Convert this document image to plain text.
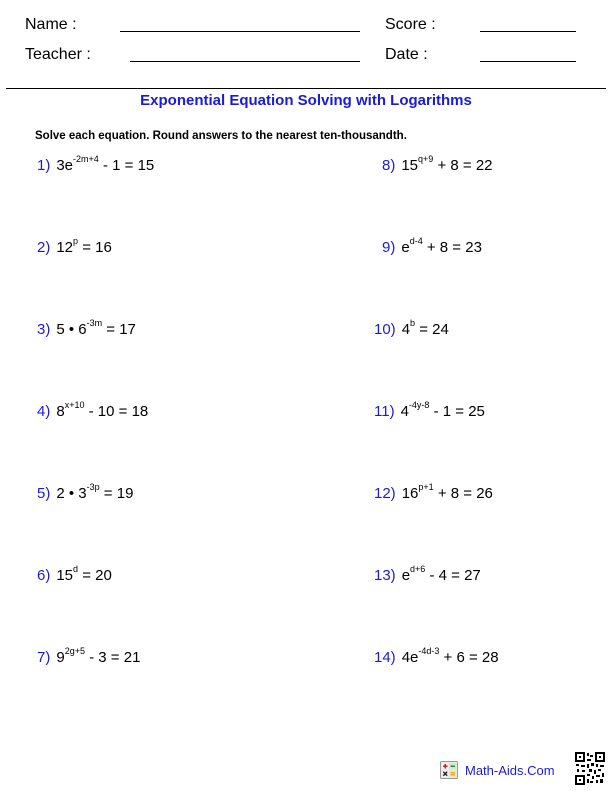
Name :	Score :
Teacher :	Date :
Exponential Equation Solving with Logarithms
Solve each equation. Round answers to the nearest ten-thousandth.
1) $3e^{-2m+4} - 1 = 15$
2) $12^p = 16$
3) 5 • $6^{-3m} = 17$
4) $8^{x+10} - 10 = 18$
5) 2 • $3^{-3p} = 19$
6) $15^d = 20$
7) $9^{2g+5} - 3 = 21$
8) $15^{q+9} + 8 = 22$
9) $e^{d-4} + 8 = 23$
10) $4^b = 24$
11) $4^{-4y-8} - 1 = 25$
12) $16^{p+1} + 8 = 26$
13) $e^{d+6} - 4 = 27$
14) $4e^{-4d-3} + 6 = 28$
Math-Aids.Com
